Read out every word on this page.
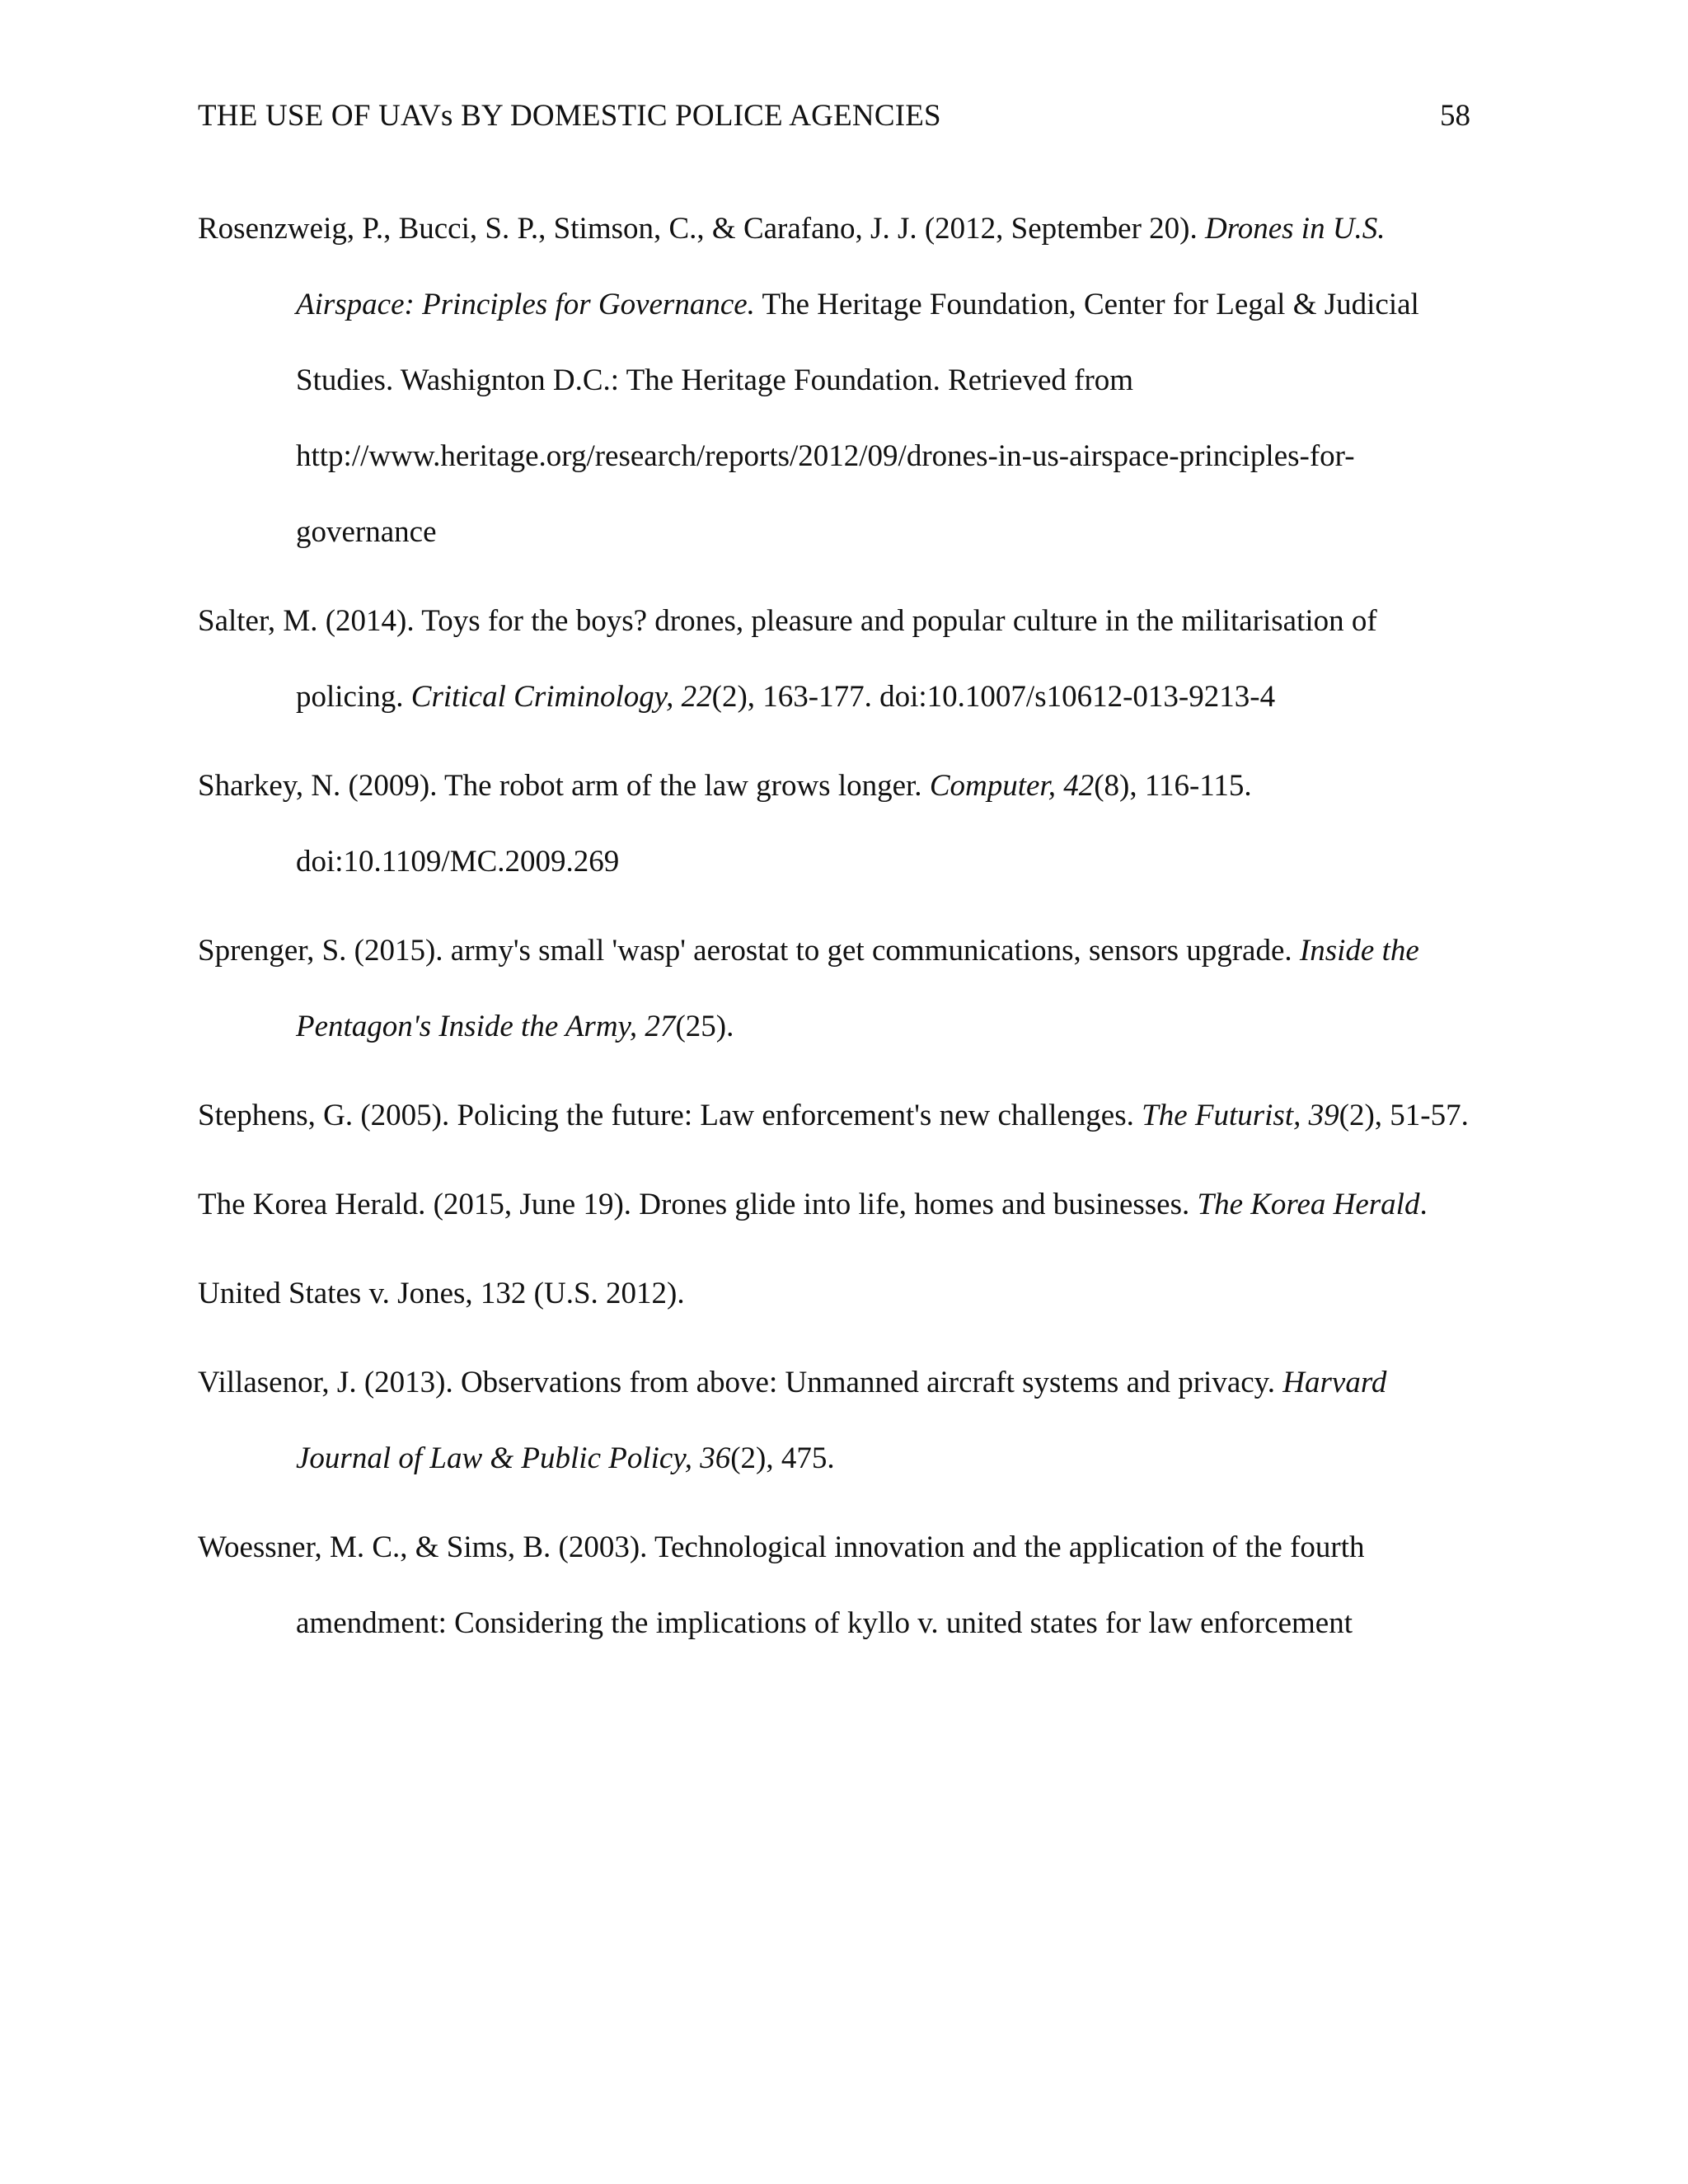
THE USE OF UAVs BY DOMESTIC POLICE AGENCIES	58
Rosenzweig, P., Bucci, S. P., Stimson, C., & Carafano, J. J. (2012, September 20). Drones in U.S. Airspace: Principles for Governance. The Heritage Foundation, Center for Legal & Judicial Studies. Washignton D.C.: The Heritage Foundation. Retrieved from http://www.heritage.org/research/reports/2012/09/drones-in-us-airspace-principles-for-governance
Salter, M. (2014). Toys for the boys? drones, pleasure and popular culture in the militarisation of policing. Critical Criminology, 22(2), 163-177. doi:10.1007/s10612-013-9213-4
Sharkey, N. (2009). The robot arm of the law grows longer. Computer, 42(8), 116-115. doi:10.1109/MC.2009.269
Sprenger, S. (2015). army's small 'wasp' aerostat to get communications, sensors upgrade. Inside the Pentagon's Inside the Army, 27(25).
Stephens, G. (2005). Policing the future: Law enforcement's new challenges. The Futurist, 39(2), 51-57.
The Korea Herald. (2015, June 19). Drones glide into life, homes and businesses. The Korea Herald.
United States v. Jones, 132 (U.S. 2012).
Villasenor, J. (2013). Observations from above: Unmanned aircraft systems and privacy. Harvard Journal of Law & Public Policy, 36(2), 475.
Woessner, M. C., & Sims, B. (2003). Technological innovation and the application of the fourth amendment: Considering the implications of kyllo v. united states for law enforcement
